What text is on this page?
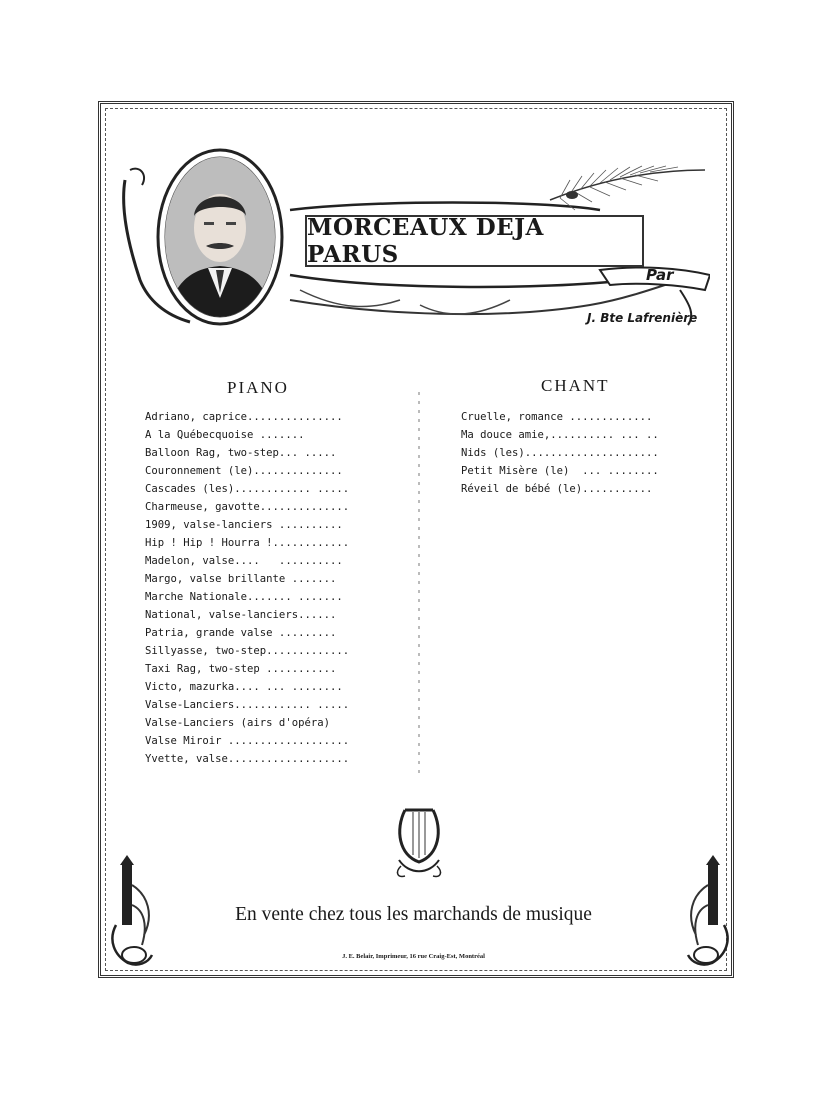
MORCEAUX DEJA PARUS
Par
J. Bte Lafrenière
PIANO	CHANT
Adriano, caprice...............
A la Québecquoise .......
Balloon Rag, two-step... .....
Couronnement (le)..............
Cascades (les)............ .....
Charmeuse, gavotte..............
1909, valse-lanciers ..........
Hip ! Hip ! Hourra !............
Madelon, valse....   ..........
Margo, valse brillante .......
Marche Nationale....... .......
National, valse-lanciers......
Patria, grande valse .........
Sillyasse, two-step.............
Taxi Rag, two-step ...........
Victo, mazurka.... ... ........
Valse-Lanciers............ .....
Valse-Lanciers (airs d'opéra)
Valse Miroir ...................
Yvette, valse...................
Cruelle, romance .............
Ma douce amie,.......... ... ..
Nids (les).....................
Petit Misère (le)  ... ........
Réveil de bébé (le)...........
En vente chez tous les marchands de musique
J. E. Belair, Imprimeur, 16 rue Craig-Est, Montréal
